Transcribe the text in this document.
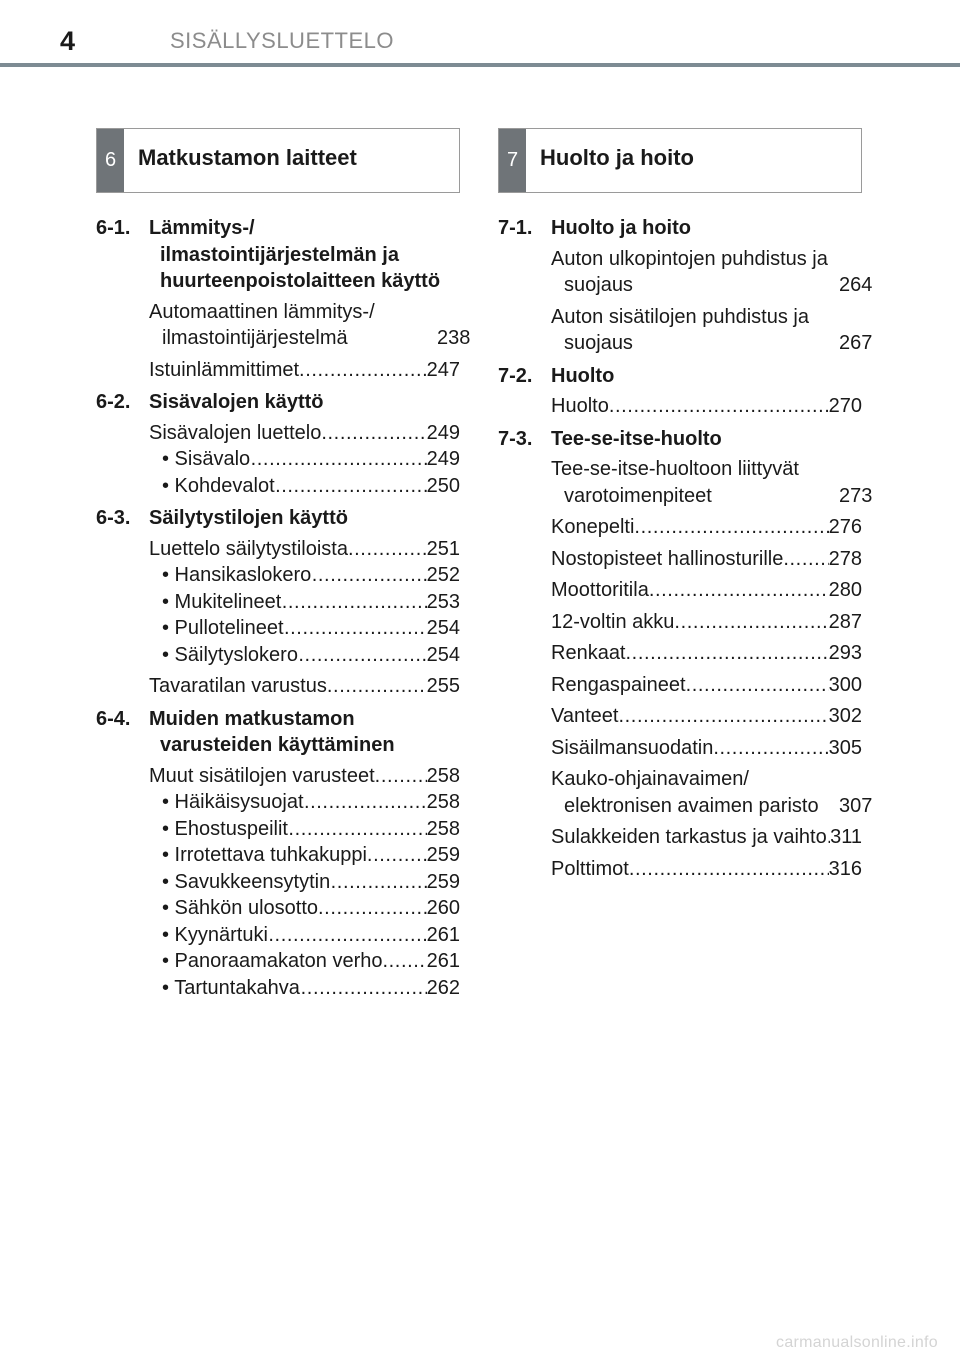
4	SISÄLLYSLUETTELO
6 Matkustamon laitteet
6-1. Lämmitys-/ ilmastointijärjestelmän ja huurteenpoistolaitteen käyttö
Automaattinen lämmitys-/ ilmastointijärjestelmä	238
Istuinlämmittimet .....	247
6-2. Sisävalojen käyttö
Sisävalojen luettelo .....	249
• Sisävalo .....	249
• Kohdevalot .....	250
6-3. Säilytystilojen käyttö
Luettelo säilytystiloista .....	251
• Hansikaslokero .....	252
• Mukitelineet .....	253
• Pullotelineet .....	254
• Säilytyslokero .....	254
Tavaratilan varustus .....	255
6-4. Muiden matkustamon varusteiden käyttäminen
Muut sisätilojen varusteet .....	258
• Häikäisysuojat .....	258
• Ehostuspeilit .....	258
• Irrotettava tuhkakuppi .....	259
• Savukkeensytytin .....	259
• Sähkön ulosotto .....	260
• Kyynärtuki .....	261
• Panoraamakaton verho ..... 261
• Tartuntakahva .....	262
7 Huolto ja hoito
7-1. Huolto ja hoito
Auton ulkopintojen puhdistus ja suojaus	264
Auton sisätilojen puhdistus ja suojaus	267
7-2. Huolto
Huolto .....	270
7-3. Tee-se-itse-huolto
Tee-se-itse-huoltoon liittyvät varotoimenpiteet	273
Konepelti .....	276
Nostopisteet hallinosturille ..... 278
Moottoritila .....	280
12-voltin akku .....	287
Renkaat .....	293
Rengaspaineet .....	300
Vanteet .....	302
Sisäilmansuodatin .....	305
Kauko-ohjainavaimen/ elektronisen avaimen paristo	307
Sulakkeiden tarkastus ja vaihto ..... 311
Polttimot .....	316
carmanualsonline.info
